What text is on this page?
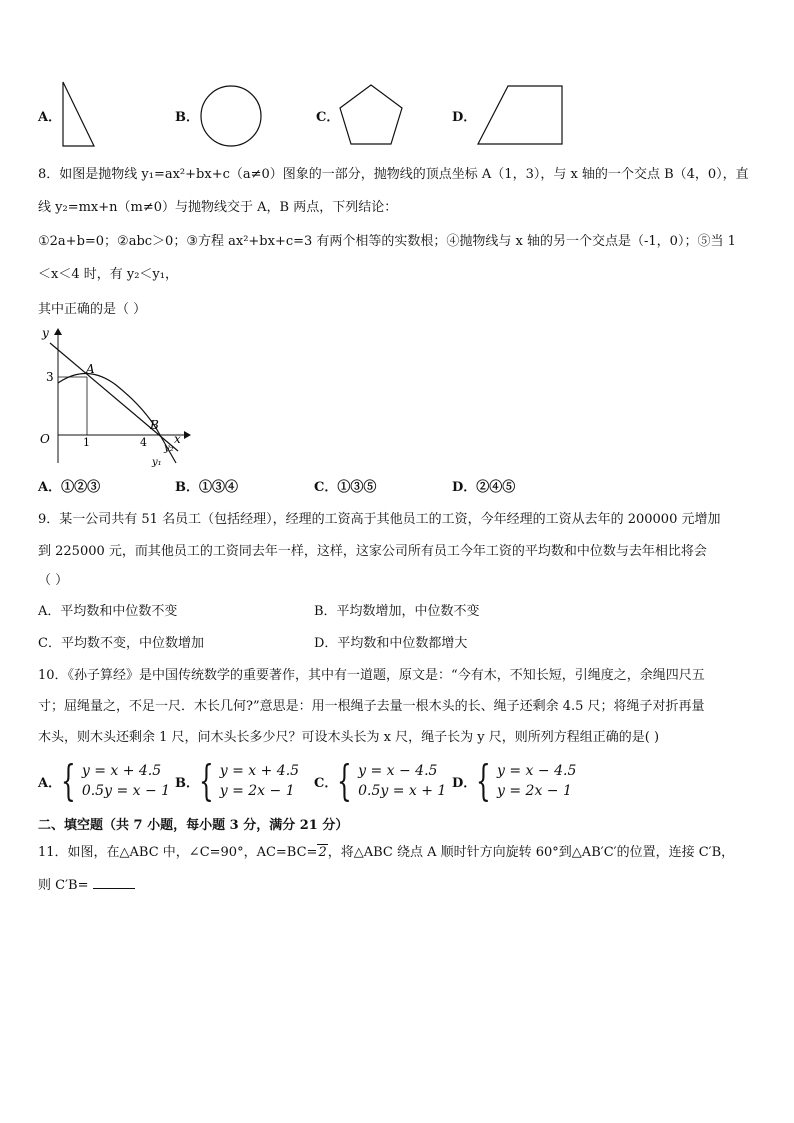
A．	B．	C．	D．
8．如图是抛物线 y₁=ax²+bx+c（a≠0）图象的一部分，抛物线的顶点坐标 A（1，3），与 x 轴的一个交点 B（4，0），直
线 y₂=mx+n（m≠0）与抛物线交于 A，B 两点，下列结论：
①2a+b=0；②abc＞0；③方程 ax²+bx+c=3 有两个相等的实数根；④抛物线与 x 轴的另一个交点是（-1，0）；⑤当 1
＜x＜4 时，有 y₂＜y₁，
其中正确的是（ ）
y
x
O
3
1	4
A
B
y₁
y₂
A．①②③	B．①③④	C．①③⑤	D．②④⑤
9．某一公司共有 51 名员工（包括经理），经理的工资高于其他员工的工资，今年经理的工资从去年的 200000 元增加
到 225000 元，而其他员工的工资同去年一样，这样，这家公司所有员工今年工资的平均数和中位数与去年相比将会
（ ）
A．平均数和中位数不变	B．平均数增加，中位数不变
C．平均数不变，中位数增加	D．平均数和中位数都增大
10．《孙子算经》是中国传统数学的重要著作，其中有一道题，原文是：“今有木，不知长短，引绳度之，余绳四尺五
寸；屈绳量之，不足一尺．木长几何?”意思是：用一根绳子去量一根木头的长、绳子还剩余 4.5 尺；将绳子对折再量
木头，则木头还剩余 1 尺，问木头长多少尺？可设木头长为 x 尺，绳子长为 y 尺，则所列方程组正确的是( )
A． { y = x + 4.5
0.5y = x − 1 B． { y = x + 4.5
y = 2x − 1	C． { y = x − 4.5
0.5y = x + 1 D． { y = x − 4.5
y = 2x − 1
二、填空题（共 7 小题，每小题 3 分，满分 21 分）
11．如图，在△ABC 中，∠C=90°，AC=BC=2，将△ABC 绕点 A 顺时针方向旋转 60°到△AB′C′的位置，连接 C′B，
则 C′B=
